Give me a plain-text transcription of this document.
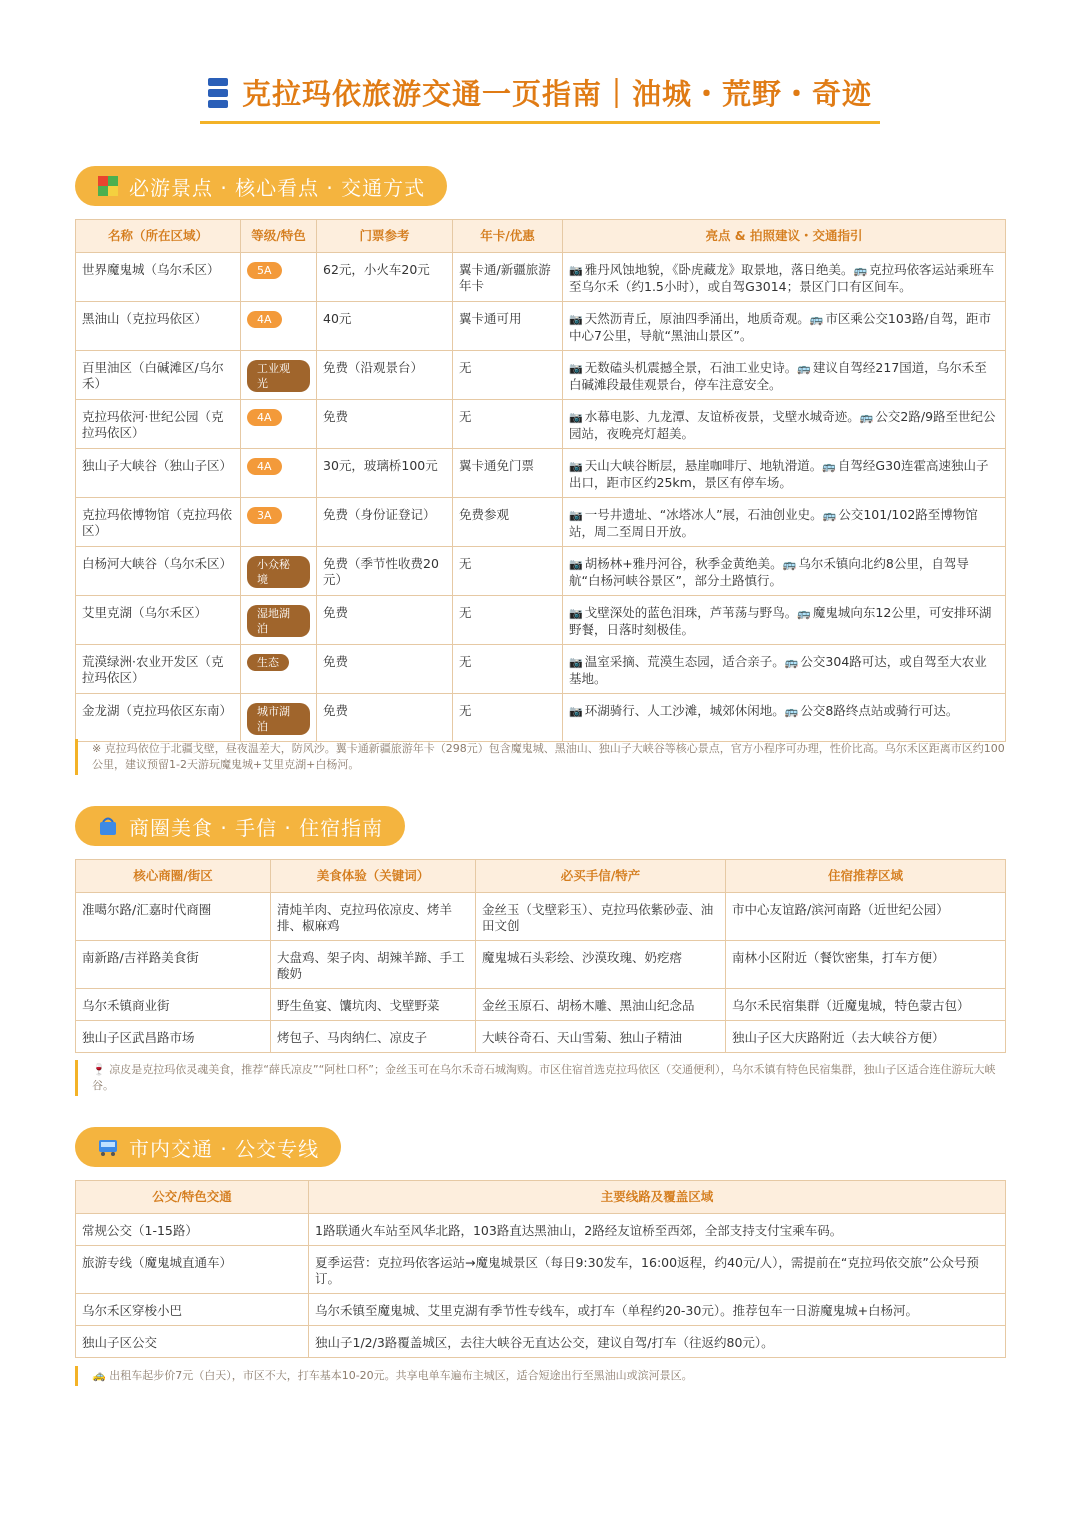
克拉玛依旅游交通一页指南｜油城・荒野・奇迹
必游景点 · 核心看点 · 交通方式
名称（所在区域）	等级/特色	门票参考	年卡/优惠	亮点 & 拍照建议・交通指引
世界魔鬼城（乌尔禾区）	5A	62元，小火车20元	翼卡通/新疆旅游年卡	📷 雅丹风蚀地貌，《卧虎藏龙》取景地，落日绝美。🚌 克拉玛依客运站乘班车至乌尔禾（约1.5小时），或自驾G3014；景区门口有区间车。
黑油山（克拉玛依区）	4A	40元	翼卡通可用	📷 天然沥青丘，原油四季涌出，地质奇观。🚌 市区乘公交103路/自驾，距市中心7公里，导航“黑油山景区”。
百里油区（白碱滩区/乌尔禾）	工业观光	免费（沿观景台）	无	📷 无数磕头机震撼全景，石油工业史诗。🚌 建议自驾经217国道，乌尔禾至白碱滩段最佳观景台，停车注意安全。
克拉玛依河·世纪公园（克拉玛依区）	4A	免费	无	📷 水幕电影、九龙潭、友谊桥夜景，戈壁水城奇迹。🚌 公交2路/9路至世纪公园站，夜晚亮灯超美。
独山子大峡谷（独山子区）	4A	30元，玻璃桥100元	翼卡通免门票	📷 天山大峡谷断层，悬崖咖啡厅、地轨滑道。🚌 自驾经G30连霍高速独山子出口，距市区约25km，景区有停车场。
克拉玛依博物馆（克拉玛依区）	3A	免费（身份证登记）	免费参观	📷 一号井遗址、“冰塔冰人”展，石油创业史。🚌 公交101/102路至博物馆站，周二至周日开放。
白杨河大峡谷（乌尔禾区）	小众秘境	免费（季节性收费20元）	无	📷 胡杨林+雅丹河谷，秋季金黄绝美。🚌 乌尔禾镇向北约8公里，自驾导航“白杨河峡谷景区”，部分土路慎行。
艾里克湖（乌尔禾区）	湿地湖泊	免费	无	📷 戈壁深处的蓝色泪珠，芦苇荡与野鸟。🚌 魔鬼城向东12公里，可安排环湖野餐，日落时刻极佳。
荒漠绿洲·农业开发区（克拉玛依区）	生态	免费	无	📷 温室采摘、荒漠生态园，适合亲子。🚌 公交304路可达，或自驾至大农业基地。
金龙湖（克拉玛依区东南）	城市湖泊	免费	无	📷 环湖骑行、人工沙滩，城郊休闲地。🚌 公交8路终点站或骑行可达。
※ 克拉玛依位于北疆戈壁，昼夜温差大，防风沙。翼卡通新疆旅游年卡（298元）包含魔鬼城、黑油山、独山子大峡谷等核心景点，官方小程序可办理，性价比高。乌尔禾区距离市区约100公里，建议预留1-2天游玩魔鬼城+艾里克湖+白杨河。
商圈美食 · 手信 · 住宿指南
核心商圈/街区	美食体验（关键词）	必买手信/特产	住宿推荐区域
准噶尔路/汇嘉时代商圈	清炖羊肉、克拉玛依凉皮、烤羊排、椒麻鸡	金丝玉（戈壁彩玉）、克拉玛依紫砂壶、油田文创	市中心友谊路/滨河南路（近世纪公园）
南新路/吉祥路美食街	大盘鸡、架子肉、胡辣羊蹄、手工酸奶	魔鬼城石头彩绘、沙漠玫瑰、奶疙瘩	南林小区附近（餐饮密集，打车方便）
乌尔禾镇商业街	野生鱼宴、馕坑肉、戈壁野菜	金丝玉原石、胡杨木雕、黑油山纪念品	乌尔禾民宿集群（近魔鬼城，特色蒙古包）
独山子区武昌路市场	烤包子、马肉纳仁、凉皮子	大峡谷奇石、天山雪菊、独山子精油	独山子区大庆路附近（去大峡谷方便）
🍷 凉皮是克拉玛依灵魂美食，推荐“薛氏凉皮”“阿杜口杯”；金丝玉可在乌尔禾奇石城淘购。市区住宿首选克拉玛依区（交通便利），乌尔禾镇有特色民宿集群，独山子区适合连住游玩大峡谷。
市内交通 · 公交专线
公交/特色交通	主要线路及覆盖区域
常规公交（1-15路）	1路联通火车站至风华北路，103路直达黑油山，2路经友谊桥至西郊，全部支持支付宝乘车码。
旅游专线（魔鬼城直通车）	夏季运营：克拉玛依客运站→魔鬼城景区（每日9:30发车，16:00返程，约40元/人），需提前在“克拉玛依交旅”公众号预订。
乌尔禾区穿梭小巴	乌尔禾镇至魔鬼城、艾里克湖有季节性专线车，或打车（单程约20-30元）。推荐包车一日游魔鬼城+白杨河。
独山子区公交	独山子1/2/3路覆盖城区，去往大峡谷无直达公交，建议自驾/打车（往返约80元）。
🚕 出租车起步价7元（白天），市区不大，打车基本10-20元。共享电单车遍布主城区，适合短途出行至黑油山或滨河景区。
